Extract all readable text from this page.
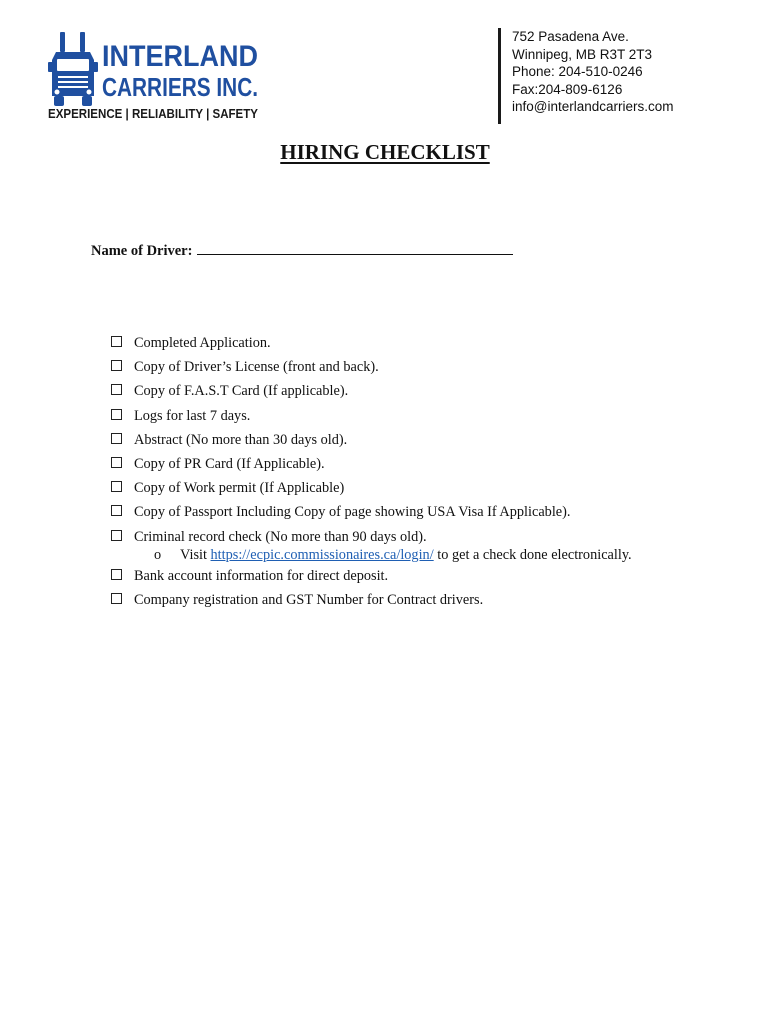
INTERLAND
CARRIERS INC.
EXPERIENCE | RELIABILITY | SAFETY
752 Pasadena Ave.
Winnipeg, MB R3T 2T3
Phone: 204-510-0246
Fax:204-809-6126
info@interlandcarriers.com
HIRING CHECKLIST
Name of Driver:
Completed Application.
Copy of Driver’s License (front and back).
Copy of F.A.S.T Card (If applicable).
Logs for last 7 days.
Abstract (No more than 30 days old).
Copy of PR Card (If Applicable).
Copy of Work permit (If Applicable)
Copy of Passport Including Copy of page showing USA Visa If Applicable).
Criminal record check (No more than 90 days old).
o Visit https://ecpic.commissionaires.ca/login/ to get a check done electronically.
Bank account information for direct deposit.
Company registration and GST Number for Contract drivers.
